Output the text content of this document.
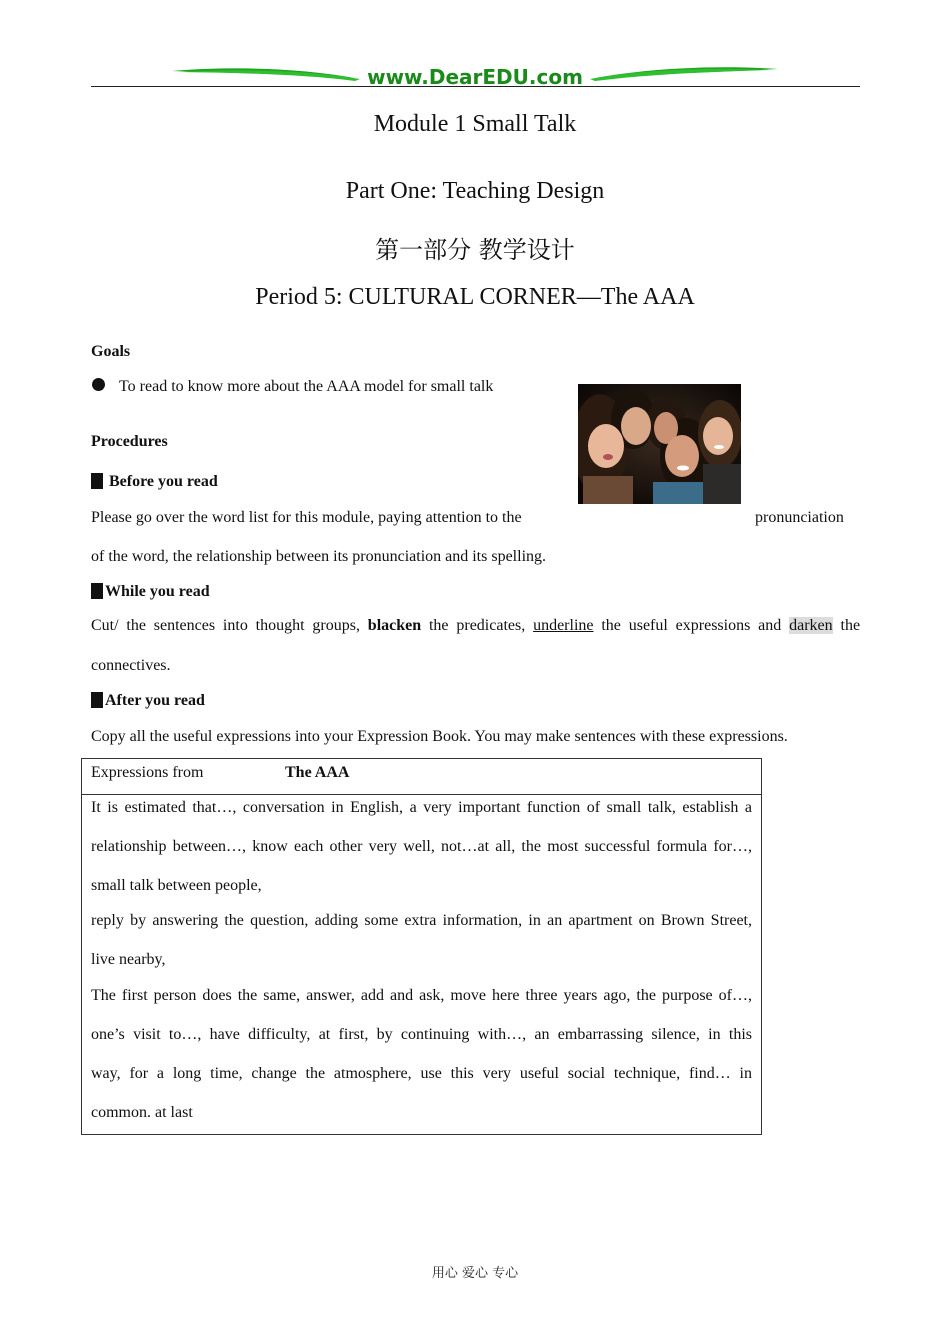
www.DearEDU.com
Module 1 Small Talk
Part One: Teaching Design
第一部分 教学设计
Period 5: CULTURAL CORNER—The AAA
Goals
To read to know more about the AAA model for small talk
Procedures
Before you read
Please go over the word list for this module, paying attention to the	pronunciation
of the word, the relationship between its pronunciation and its spelling.
While you read
Cut/ the sentences into thought groups, blacken the predicates, underline the useful expressions and darken the
connectives.
After you read
Copy all the useful expressions into your Expression Book. You may make sentences with these expressions.
Expressions from	The AAA
It is estimated that…, conversation in English, a very important function of small talk, establish a
relationship between…, know each other very well, not…at all, the most successful formula for…,
small talk between people,
reply by answering the question, adding some extra information, in an apartment on Brown Street,
live nearby,
The first person does the same, answer, add and ask, move here three years ago, the purpose of…,
one’s visit to…, have difficulty, at first, by continuing with…, an embarrassing silence, in this
way, for a long time, change the atmosphere, use this very useful social technique, find… in
common. at last
用心 爱心 专心
